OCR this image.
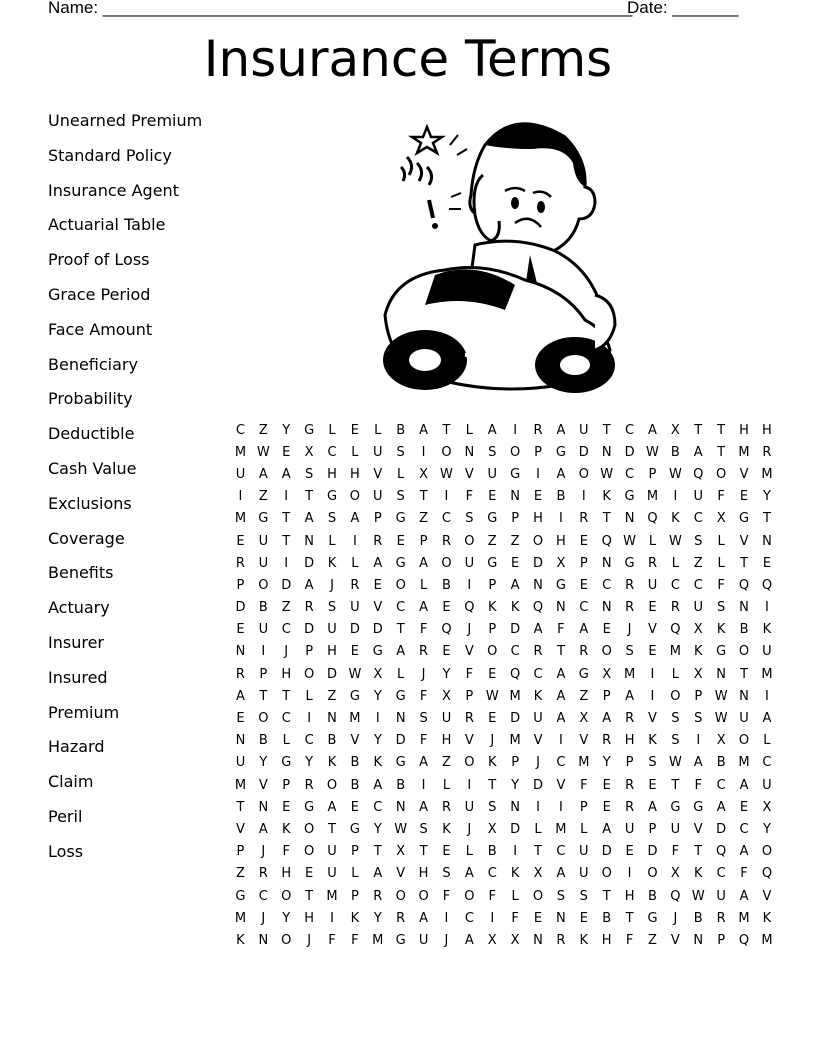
Name: ________________________________________________________
Date: _______
Insurance Terms
Unearned Premium
Standard Policy
Insurance Agent
Actuarial Table
Proof of Loss
Grace Period
Face Amount
Beneficiary
Probability
Deductible
Cash Value
Exclusions
Coverage
Benefits
Actuary
Insurer
Insured
Premium
Hazard
Claim
Peril
Loss
C	Z	Y	G	L	E	L	B	A	T	L	A	I	R	A	U	T	C	A	X	T	T	H	H
M	W	E	X	C	L	U	S	I	O	N	S	O	P	G	D	N	D	W	B	A	T	M	R
U	A	A	S	H	H	V	L	X	W	V	U	G	I	A	O	W	C	P	W	Q	O	V	M
I	Z	I	T	G	O	U	S	T	I	F	E	N	E	B	I	K	G	M	I	U	F	E	Y
M	G	T	A	S	A	P	G	Z	C	S	G	P	H	I	R	T	N	Q	K	C	X	G	T
E	U	T	N	L	I	R	E	P	R	O	Z	Z	O	H	E	Q	W	L	W	S	L	V	N
R	U	I	D	K	L	A	G	A	O	U	G	E	D	X	P	N	G	R	L	Z	L	T	E
P	O	D	A	J	R	E	O	L	B	I	P	A	N	G	E	C	R	U	C	C	F	Q	Q
D	B	Z	R	S	U	V	C	A	E	Q	K	K	Q	N	C	N	R	E	R	U	S	N	I
E	U	C	D	U	D	D	T	F	Q	J	P	D	A	F	A	E	J	V	Q	X	K	B	K
N	I	J	P	H	E	G	A	R	E	V	O	C	R	T	R	O	S	E	M	K	G	O	U
R	P	H	O	D	W	X	L	J	Y	F	E	Q	C	A	G	X	M	I	L	X	N	T	M
A	T	T	L	Z	G	Y	G	F	X	P	W	M	K	A	Z	P	A	I	O	P	W	N	I
E	O	C	I	N	M	I	N	S	U	R	E	D	U	A	X	A	R	V	S	S	W	U	A
N	B	L	C	B	V	Y	D	F	H	V	J	M	V	I	V	R	H	K	S	I	X	O	L
U	Y	G	Y	K	B	K	G	A	Z	O	K	P	J	C	M	Y	P	S	W	A	B	M	C
M	V	P	R	O	B	A	B	I	L	I	T	Y	D	V	F	E	R	E	T	F	C	A	U
T	N	E	G	A	E	C	N	A	R	U	S	N	I	I	P	E	R	A	G	G	A	E	X
V	A	K	O	T	G	Y	W	S	K	J	X	D	L	M	L	A	U	P	U	V	D	C	Y
P	J	F	O	U	P	T	X	T	E	L	B	I	T	C	U	D	E	D	F	T	Q	A	O
Z	R	H	E	U	L	A	V	H	S	A	C	K	X	A	U	O	I	O	X	K	C	F	Q
G	C	O	T	M	P	R	O	O	F	O	F	L	O	S	S	T	H	B	Q	W	U	A	V
M	J	Y	H	I	K	Y	R	A	I	C	I	F	E	N	E	B	T	G	J	B	R	M	K
K	N	O	J	F	F	M	G	U	J	A	X	X	N	R	K	H	F	Z	V	N	P	Q	M
